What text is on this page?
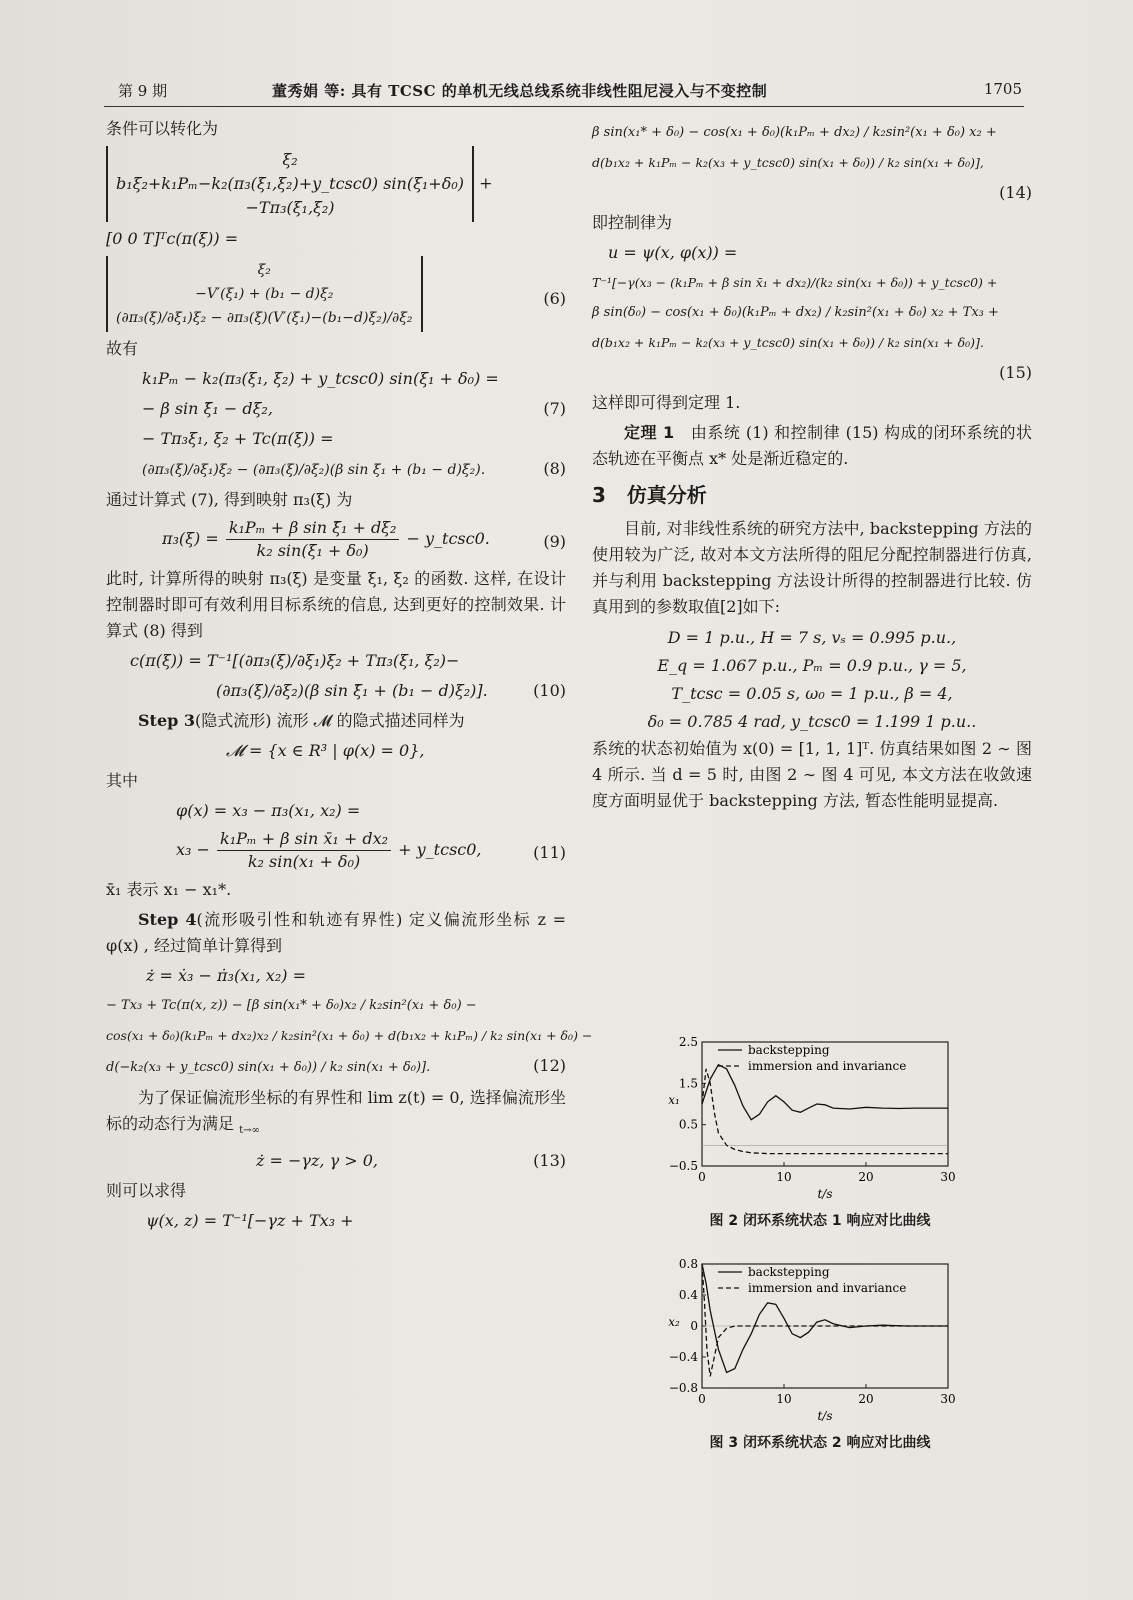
第 9 期	董秀娟 等: 具有 TCSC 的单机无线总线系统非线性阻尼浸入与不变控制	1705

条件可以转化为

ξ₂
b₁ξ₂+k₁Pₘ−k₂(π₃(ξ₁,ξ₂)+y_tcsc0) sin(ξ₁+δ₀)
−Tπ₃(ξ₁,ξ₂) +
[0 0 T]ᵀc(π(ξ)) =
ξ₂
−V′(ξ₁) + (b₁ − d)ξ₂
(∂π₃(ξ)/∂ξ₁)ξ₂ − ∂π₃(ξ)(V′(ξ₁)−(b₁−d)ξ₂)/∂ξ₂
(6)

故有

k₁Pₘ − k₂(π₃(ξ₁, ξ₂) + y_tcsc0) sin(ξ₁ + δ₀) =
− β sin ξ̄₁ − dξ₂,	(7)
− Tπ₃ξ₁, ξ₂ + Tc(π(ξ)) =
(∂π₃(ξ)/∂ξ₁)ξ₂ − (∂π₃(ξ)/∂ξ₂)(β sin ξ̄₁ + (b₁ − d)ξ₂).	(8)

通过计算式 (7), 得到映射 π₃(ξ) 为

$\pi_3(\xi) = \frac{\text{k₁Pₘ + β sin ξ̄₁ + dξ₂}}{\text{k₂ sin(ξ₁ + δ₀)}}$ − y_tcsc0.	(9)

此时, 计算所得的映射 π₃(ξ) 是变量 ξ₁, ξ₂ 的函数. 这样, 在设计控制器时即可有效利用目标系统的信息, 达到更好的控制效果. 计算式 (8) 得到

c(π(ξ)) = T⁻¹[(∂π₃(ξ)/∂ξ₁)ξ₂ + Tπ₃(ξ₁, ξ₂)−
(∂π₃(ξ)/∂ξ₂)(β sin ξ̄₁ + (b₁ − d)ξ₂)].	(10)

Step 3(隐式流形) 流形 𝓜 的隐式描述同样为

𝓜 = {x ∈ R³ | φ(x) = 0},

其中

φ(x) = x₃ − π₃(x₁, x₂) =
$x_3 - \frac{\text{k₁Pₘ + β sin x̄₁ + dx₂}}{\text{k₂ sin(x₁ + δ₀)}}$ + y_tcsc0,	(11)

x̄₁ 表示 x₁ − x₁*.

Step 4(流形吸引性和轨迹有界性) 定义偏流形坐标 z = φ(x) , 经过简单计算得到

ż = ẋ₃ − π̇₃(x₁, x₂) =
− Tx₃ + Tc(π(x, z)) − [β sin(x₁* + δ₀)x₂ / k₂sin²(x₁ + δ₀) −
cos(x₁ + δ₀)(k₁Pₘ + dx₂)x₂ / k₂sin²(x₁ + δ₀) + d(b₁x₂ + k₁Pₘ) / k₂ sin(x₁ + δ₀) −
d(−k₂(x₃ + y_tcsc0) sin(x₁ + δ₀)) / k₂ sin(x₁ + δ₀)].	(12)

为了保证偏流形坐标的有界性和 lim z(t) = 0, 选择偏流形坐标的动态行为满足 $_{t\to\infty}$

ż = −γz, γ > 0,	(13)

则可以求得

ψ(x, z) = T⁻¹[−γz + Tx₃ +
β sin(x₁* + δ₀) − cos(x₁ + δ₀)(k₁Pₘ + dx₂) / k₂sin²(x₁ + δ₀) x₂ +
d(b₁x₂ + k₁Pₘ − k₂(x₃ + y_tcsc0) sin(x₁ + δ₀)) / k₂ sin(x₁ + δ₀)],
(14)

即控制律为

u = ψ(x, φ(x)) =
T⁻¹[−γ(x₃ − (k₁Pₘ + β sin x̄₁ + dx₂)/(k₂ sin(x₁ + δ₀)) + y_tcsc0) +
β sin(δ₀) − cos(x₁ + δ₀)(k₁Pₘ + dx₂) / k₂sin²(x₁ + δ₀) x₂ + Tx₃ +
d(b₁x₂ + k₁Pₘ − k₂(x₃ + y_tcsc0) sin(x₁ + δ₀)) / k₂ sin(x₁ + δ₀)].
(15)

这样即可得到定理 1.

定理 1 由系统 (1) 和控制律 (15) 构成的闭环系统的状态轨迹在平衡点 x* 处是渐近稳定的.

3 仿真分析

目前, 对非线性系统的研究方法中, backstepping 方法的使用较为广泛, 故对本文方法所得的阻尼分配控制器进行仿真, 并与利用 backstepping 方法设计所得的控制器进行比较. 仿真用到的参数取值[2]如下:

D = 1 p.u., H = 7 s, vₛ = 0.995 p.u.,
E_q = 1.067 p.u., Pₘ = 0.9 p.u., γ = 5,
T_tcsc = 0.05 s, ω₀ = 1 p.u., β = 4,
δ₀ = 0.785 4 rad, y_tcsc0 = 1.199 1 p.u..

系统的状态初始值为 x(0) = [1, 1, 1]ᵀ. 仿真结果如图 2 ∼ 图 4 所示. 当 d = 5 时, 由图 2 ∼ 图 4 可见, 本文方法在收敛速度方面明显优于 backstepping 方法, 暂态性能明显提高.

0	10	20	30
−0.5
0.5
1.5
2.5
t/s
x₁
backstepping
immersion and invariance
图 2 闭环系统状态 1 响应对比曲线
0	10	20	30
−0.8
−0.4
0
0.4
0.8
t/s
x₂
backstepping
immersion and invariance
图 3 闭环系统状态 2 响应对比曲线
